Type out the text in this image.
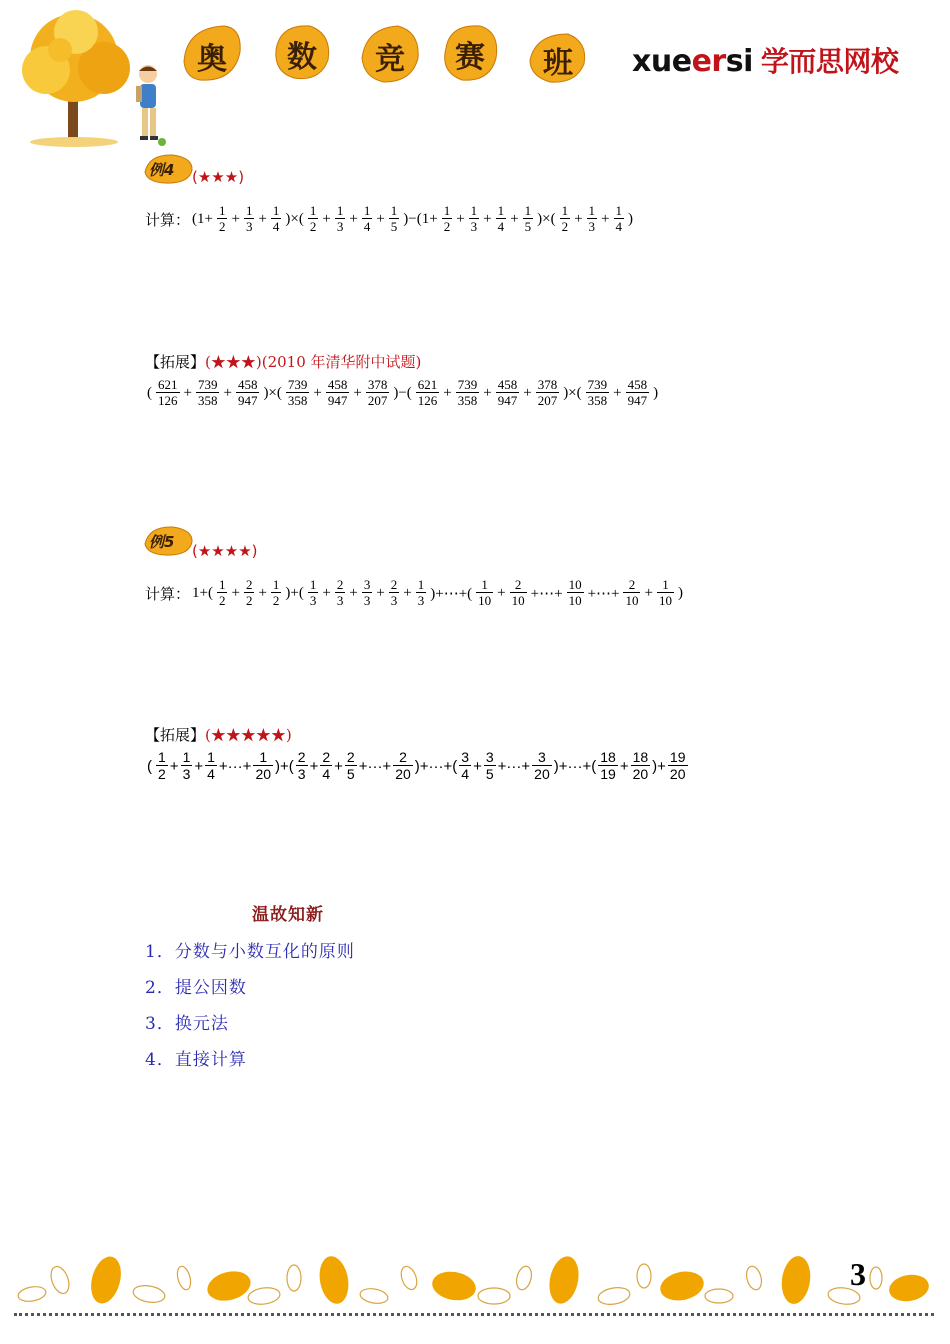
奥	数	竞	赛	班	xueersi 学而思网校
例4 (★★★)
计算： ($1+ \frac{1}{2} + \frac{1}{3} + \frac{1}{4}$ )×( $\frac{1}{2} + \frac{1}{3} + \frac{1}{4} + \frac{1}{5} )-(1+ \frac{1}{2} + \frac{1}{3} + \frac{1}{4} + \frac{1}{5}$ )×( $\frac{1}{2} + \frac{1}{3} + \frac{1}{4}$ )
【拓展】(★★★)(2010 年清华附中试题)
( $\frac{621}{126} + \frac{739}{358} + \frac{458}{947}$ )×( $\frac{739}{358} + \frac{458}{947} + \frac{378}{207}$ )−( $\frac{621}{126} + \frac{739}{358} + \frac{458}{947} + \frac{378}{207}$ )×( $\frac{739}{358} + \frac{458}{947}$ )
例5 (★★★★)
计算： $1+( \frac{1}{2} + \frac{2}{2} + \frac{1}{2}$ )+( $\frac{1}{3} + \frac{2}{3} + \frac{3}{3} + \frac{2}{3} + \frac{1}{3}$ )+⋯+( $\frac{1}{10} + \frac{2}{10}$ +⋯+ $\frac{10}{10}$ +⋯+ $\frac{2}{10} + \frac{1}{10}$ )
【拓展】(★★★★★)
( $\frac{1}{2} + \frac{1}{3} + \frac{1}{4}$ +···+ $\frac{1}{20}$ )+( $\frac{2}{3} + \frac{2}{4} + \frac{2}{5}$ +···+ $\frac{2}{20}$ )+···+( $\frac{3}{4} + \frac{3}{5}$ +···+ $\frac{3}{20}$ )+···+( $\frac{18}{19} + \frac{18}{20}$ )+ $\frac{19}{20}$
温故知新
1．分数与小数互化的原则
2．提公因数
3．换元法
4．直接计算
3
